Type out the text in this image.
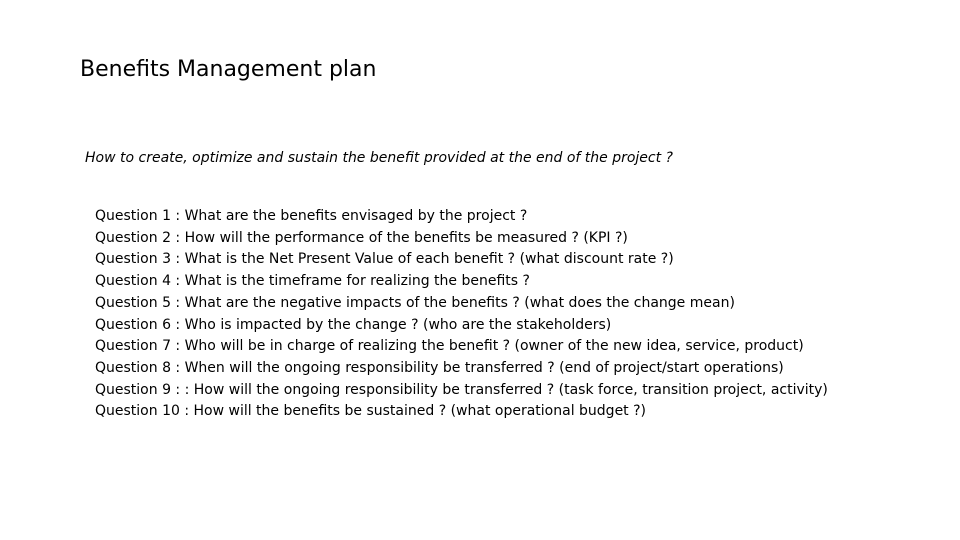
Benefits Management plan

How to create, optimize and sustain the benefit provided at the end of the project ?

Question 1 : What are the benefits envisaged by the project ?
Question 2 : How will the performance of the benefits be measured ? (KPI ?)
Question 3 : What is the Net Present Value of each benefit ? (what discount rate ?)
Question 4 : What is the timeframe for realizing the benefits ?
Question 5 : What are the negative impacts of the benefits ? (what does the change mean)
Question 6 : Who is impacted by the change ? (who are the stakeholders)
Question 7 : Who will be in charge of realizing the benefit ? (owner of the new idea, service, product)
Question 8 : When will the ongoing responsibility be transferred ? (end of project/start operations)
Question 9 : : How will the ongoing responsibility be transferred ? (task force, transition project, activity)
Question 10 : How will the benefits be sustained ? (what operational budget ?)
